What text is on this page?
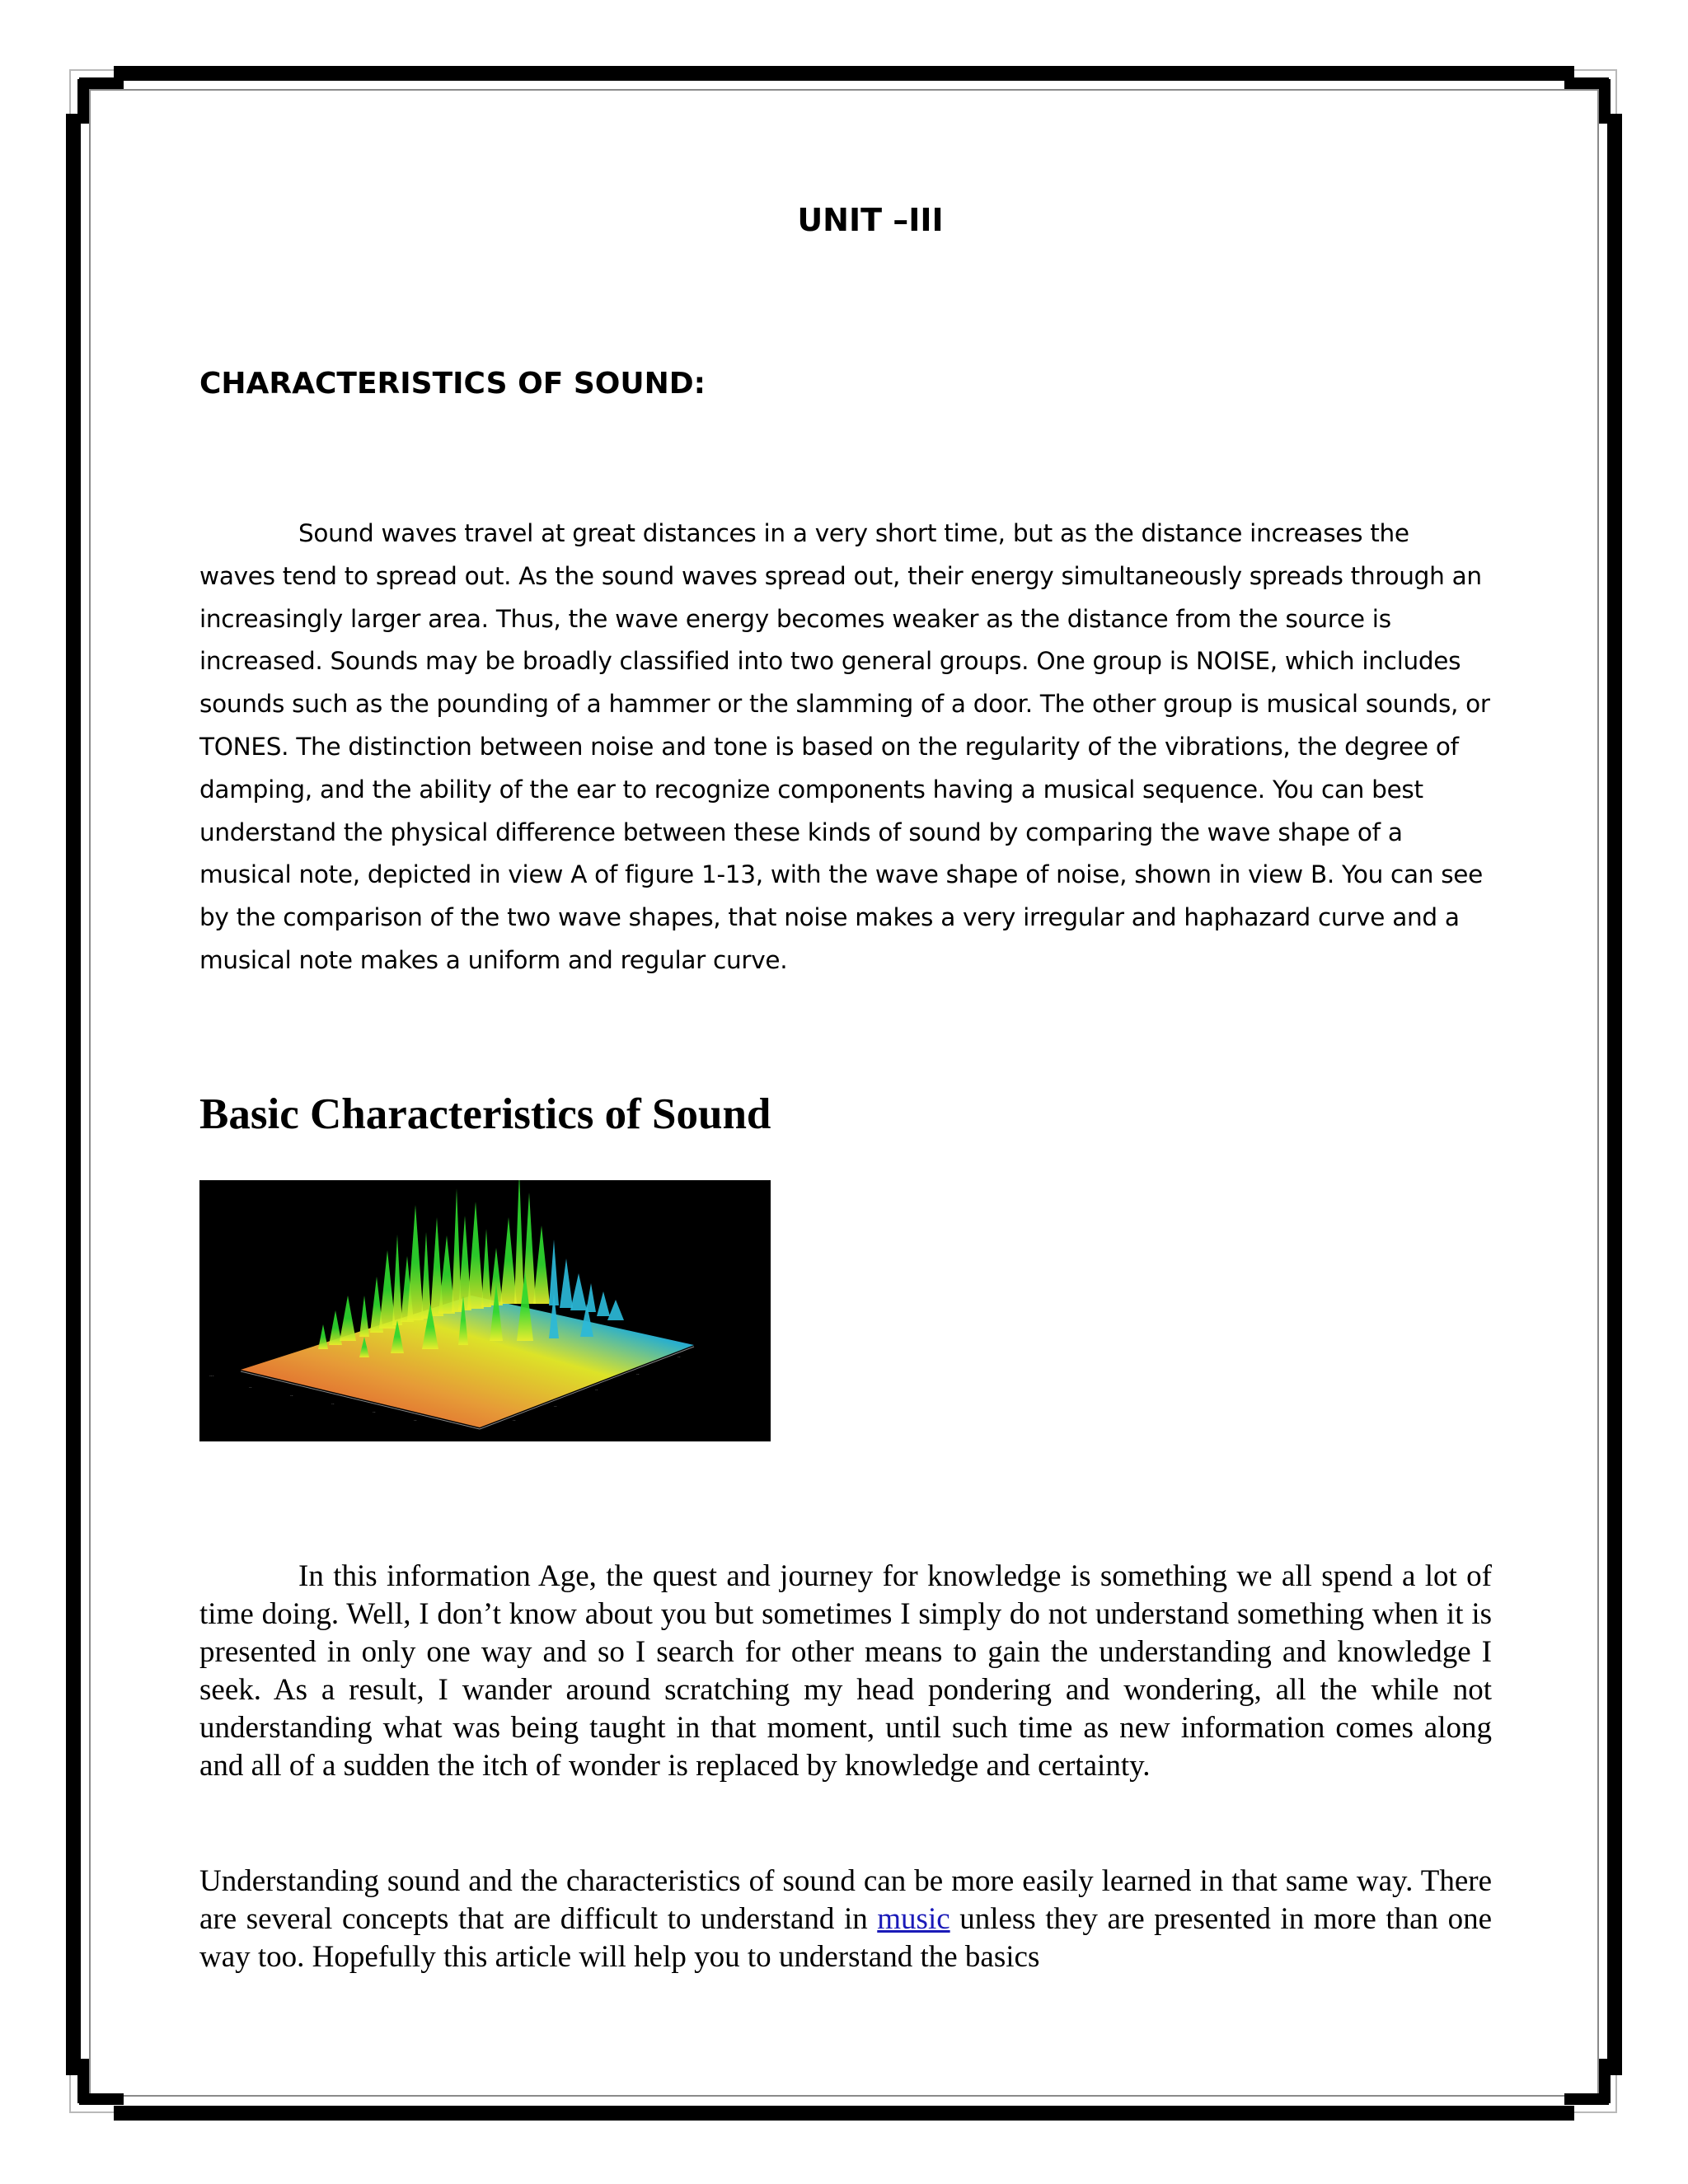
UNIT –III
CHARACTERISTICS OF SOUND:

Sound waves travel at great distances in a very short time, but as the distance increases the waves tend to spread out. As the sound waves spread out, their energy simultaneously spreads through an increasingly larger area. Thus, the wave energy becomes weaker as the distance from the source is increased. Sounds may be broadly classified into two general groups. One group is NOISE, which includes sounds such as the pounding of a hammer or the slamming of a door. The other group is musical sounds, or TONES. The distinction between noise and tone is based on the regularity of the vibrations, the degree of damping, and the ability of the ear to recognize components having a musical sequence. You can best understand the physical difference between these kinds of sound by comparing the wave shape of a musical note, depicted in view A of figure 1-13, with the wave shape of noise, shown in view B. You can see by the comparison of the two wave shapes, that noise makes a very irregular and haphazard curve and a musical note makes a uniform and regular curve.

Basic Characteristics of Sound
...
..
..
..
..
..	..
..
..
..
..

In this information Age, the quest and journey for knowledge is something we all spend a lot of time doing. Well, I don’t know about you but sometimes I simply do not understand something when it is presented in only one way and so I search for other means to gain the understanding and knowledge I seek. As a result, I wander around scratching my head pondering and wondering, all the while not understanding what was being taught in that moment, until such time as new information comes along and all of a sudden the itch of wonder is replaced by knowledge and certainty.

Understanding sound and the characteristics of sound can be more easily learned in that same way. There are several concepts that are difficult to understand in music unless they are presented in more than one way too. Hopefully this article will help you to understand the basics
